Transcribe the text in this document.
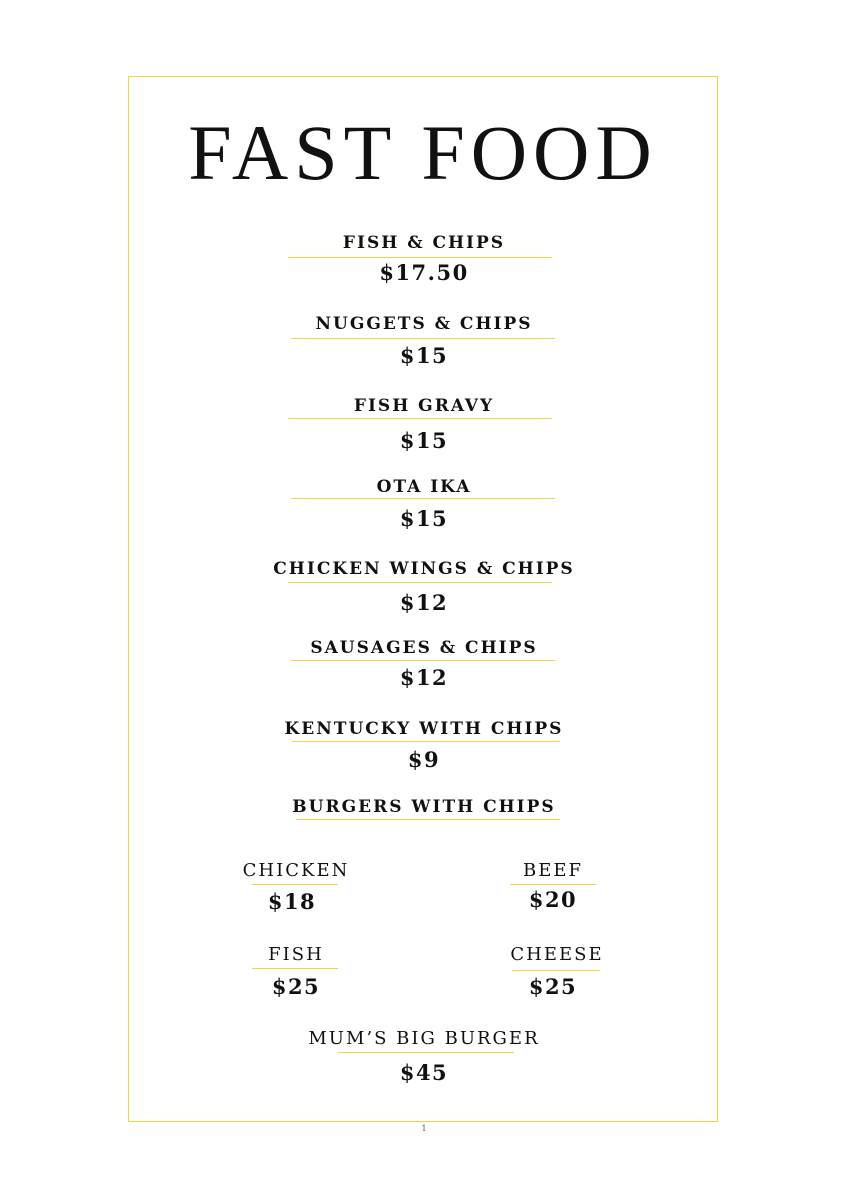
FAST FOOD
FISH & CHIPS
$17.50
NUGGETS & CHIPS
$15
FISH GRAVY
$15
OTA IKA
$15
CHICKEN WINGS & CHIPS
$12
SAUSAGES & CHIPS
$12
KENTUCKY WITH CHIPS
$9
BURGERS WITH CHIPS
CHICKEN
$18
FISH
$25
BEEF
$20
CHEESE
$25
MUM’S BIG BURGER
$45
1
